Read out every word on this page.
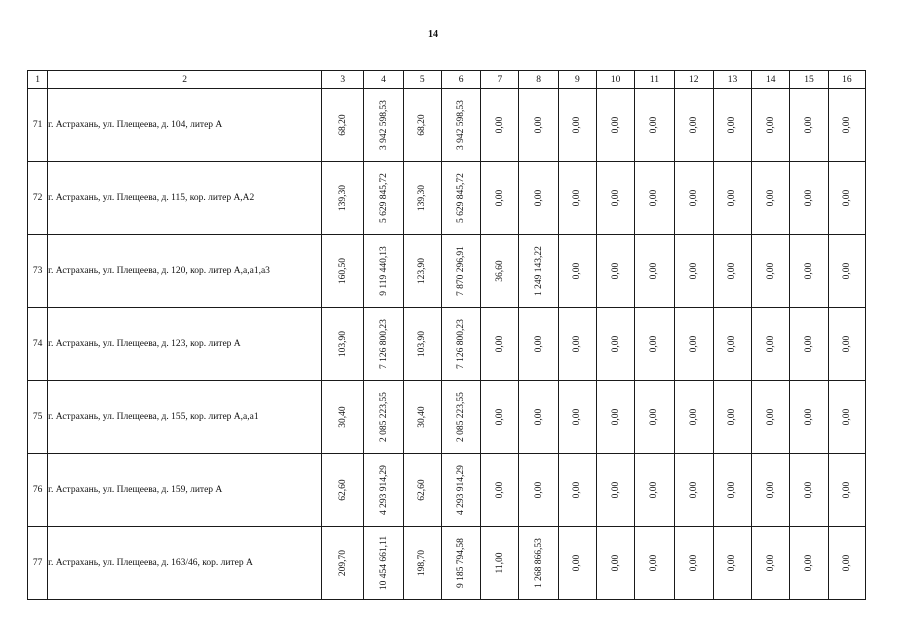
14
1	2	3	4	5	6	7	8	9	10	11	12	13	14	15	16
71	г. Астрахань, ул. Плещеева, д. 104, литер А	68,20	3 942 598,53	68,20	3 942 598,53	0,00	0,00	0,00	0,00	0,00	0,00	0,00	0,00	0,00	0,00

72	г. Астрахань, ул. Плещеева, д. 115, кор. литер А,А2	139,30	5 629 845,72	139,30	5 629 845,72	0,00	0,00	0,00	0,00	0,00	0,00	0,00	0,00	0,00	0,00

73	г. Астрахань, ул. Плещеева, д. 120, кор. литер А,а,а1,а3	160,50	9 119 440,13	123,90	7 870 296,91	36,60	1 249 143,22	0,00	0,00	0,00	0,00	0,00	0,00	0,00	0,00

74	г. Астрахань, ул. Плещеева, д. 123, кор. литер А	103,90	7 126 800,23	103,90	7 126 800,23	0,00	0,00	0,00	0,00	0,00	0,00	0,00	0,00	0,00	0,00

75	г. Астрахань, ул. Плещеева, д. 155, кор. литер А,а,а1	30,40	2 085 223,55	30,40	2 085 223,55	0,00	0,00	0,00	0,00	0,00	0,00	0,00	0,00	0,00	0,00

76	г. Астрахань, ул. Плещеева, д. 159, литер А	62,60	4 293 914,29	62,60	4 293 914,29	0,00	0,00	0,00	0,00	0,00	0,00	0,00	0,00	0,00	0,00

77	г. Астрахань, ул. Плещеева, д. 163/46, кор. литер А	209,70	10 454 661,11	198,70	9 185 794,58	11,00	1 268 866,53	0,00	0,00	0,00	0,00	0,00	0,00	0,00	0,00
